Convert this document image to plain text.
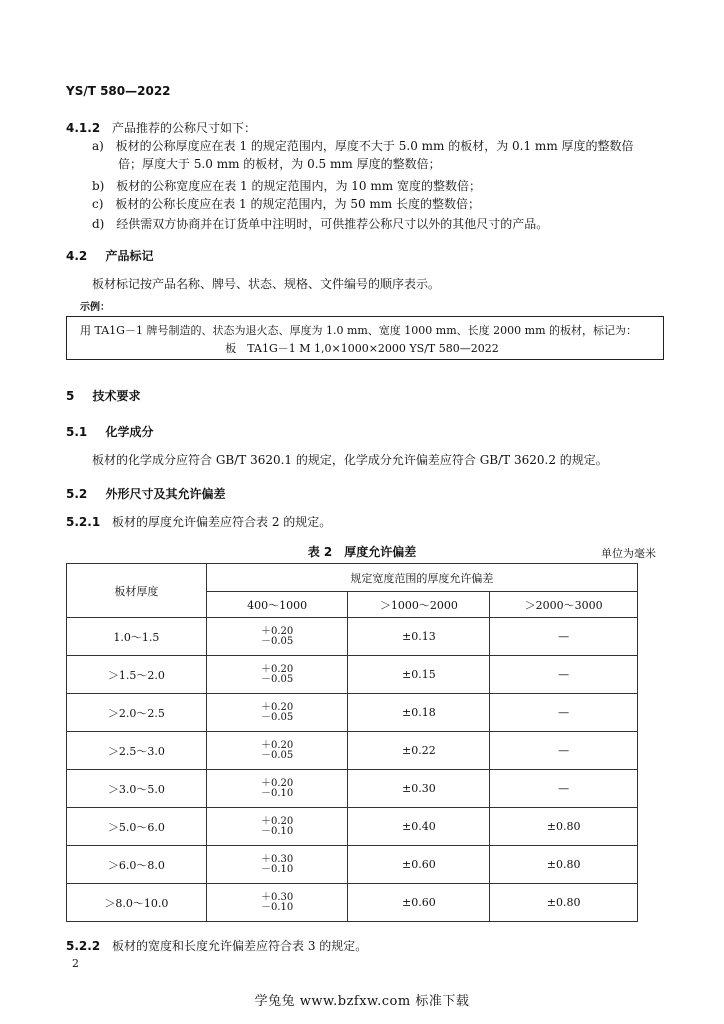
YS/T 580—2022
4.1.2 产品推荐的公称尺寸如下：
a) 板材的公称厚度应在表 1 的规定范围内，厚度不大于 5.0 mm 的板材，为 0.1 mm 厚度的整数倍
倍；厚度大于 5.0 mm 的板材，为 0.5 mm 厚度的整数倍；
b) 板材的公称宽度应在表 1 的规定范围内，为 10 mm 宽度的整数倍；
c) 板材的公称长度应在表 1 的规定范围内，为 50 mm 长度的整数倍；
d) 经供需双方协商并在订货单中注明时，可供推荐公称尺寸以外的其他尺寸的产品。
4.2 产品标记
板材标记按产品名称、牌号、状态、规格、文件编号的顺序表示。
示例：
用 TA1G－1 牌号制造的、状态为退火态、厚度为 1.0 mm、宽度 1000 mm、长度 2000 mm 的板材，标记为：
板　TA1G－1 M 1,0×1000×2000 YS/T 580—2022
5 技术要求
5.1 化学成分
板材的化学成分应符合 GB/T 3620.1 的规定，化学成分允许偏差应符合 GB/T 3620.2 的规定。
5.2 外形尺寸及其允许偏差
5.2.1 板材的厚度允许偏差应符合表 2 的规定。
表 2　厚度允许偏差	单位为毫米
板材厚度	规定宽度范围的厚度允许偏差		
	400～1000	＞1000～2000	＞2000～3000
1.0～1.5	＋0.20
－0.05	±0.13	—
＞1.5～2.0	＋0.20
－0.05	±0.15	—
＞2.0～2.5	＋0.20
－0.05	±0.18	—
＞2.5～3.0	＋0.20
－0.05	±0.22	—
＞3.0～5.0	＋0.20
－0.10	±0.30	—
＞5.0～6.0	＋0.20
－0.10	±0.40	±0.80
＞6.0～8.0	＋0.30
－0.10	±0.60	±0.80
＞8.0～10.0	＋0.30
－0.10	±0.60	±0.80
5.2.2 板材的宽度和长度允许偏差应符合表 3 的规定。
2
学兔兔 www.bzfxw.com 标准下载
